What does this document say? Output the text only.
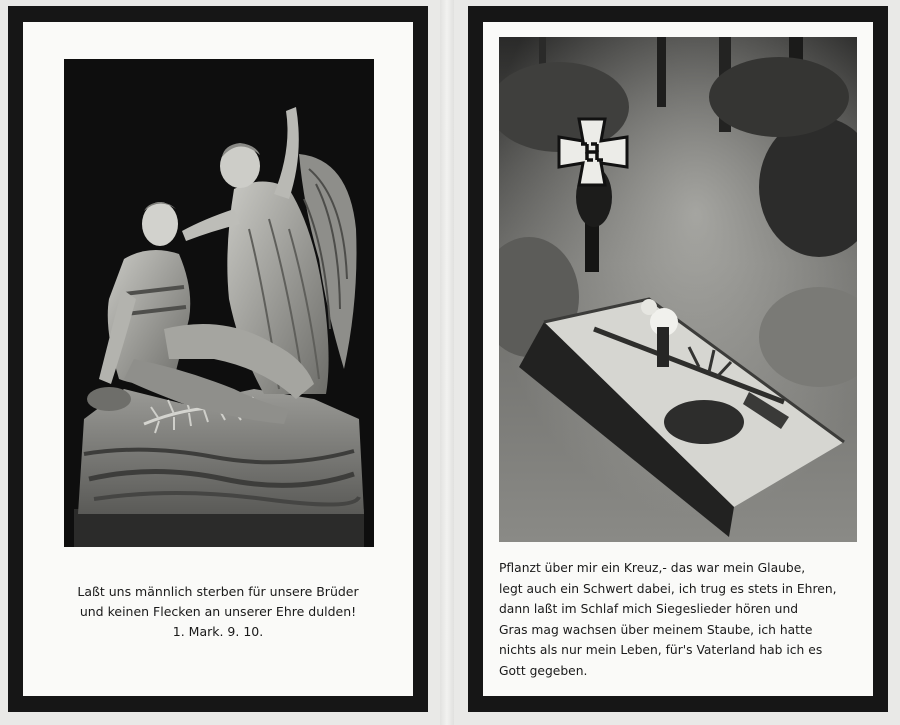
Laßt uns männlich sterben für unsere Brüder
und keinen Flecken an unserer Ehre dulden!
1. Mark. 9. 10.
Pflanzt über mir ein Kreuz,- das war mein Glaube,
legt auch ein Schwert dabei, ich trug es stets in Ehren,
dann laßt im Schlaf mich Siegeslieder hören und
Gras mag wachsen über meinem Staube, ich hatte
nichts als nur mein Leben, für's Vaterland hab ich es
Gott gegeben.
